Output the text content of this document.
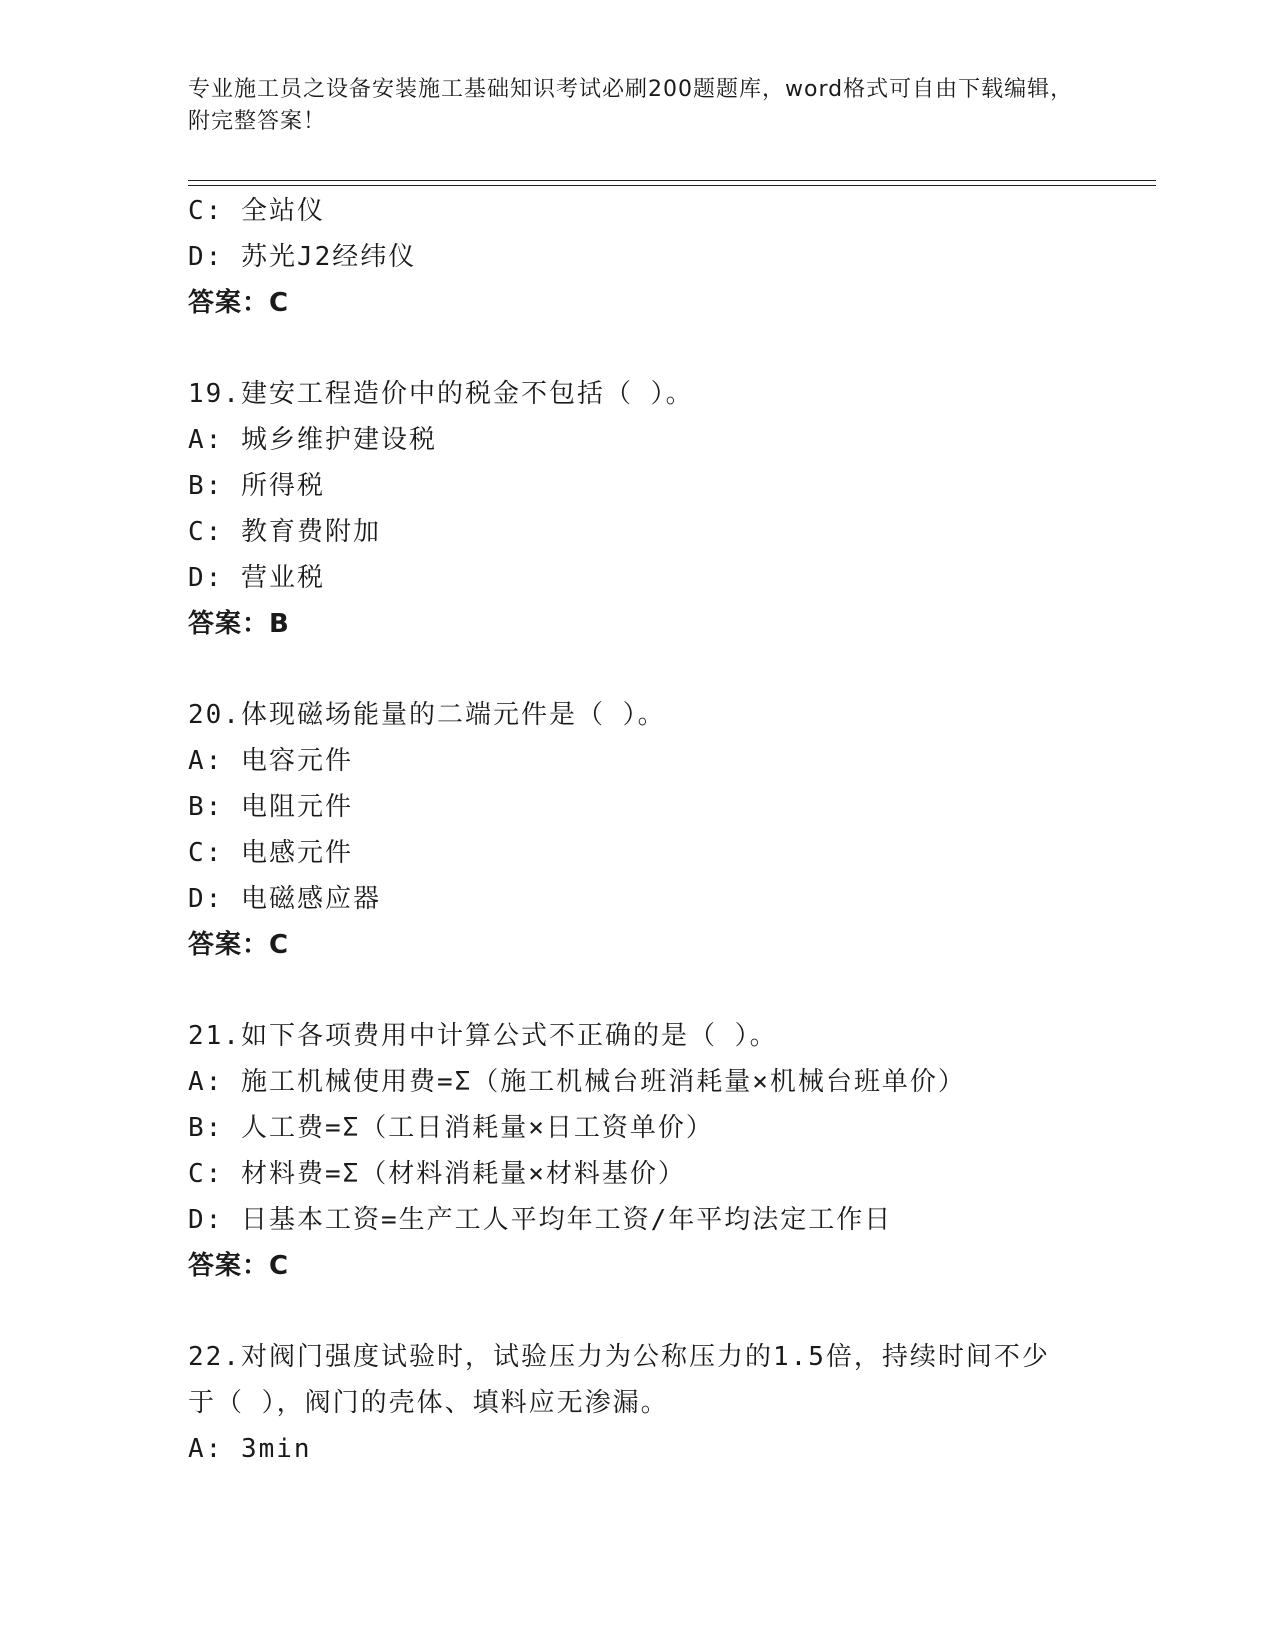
专业施工员之设备安装施工基础知识考试必刷200题题库，word格式可自由下载编辑，附完整答案！
C: 全站仪
D: 苏光J2经纬仪
答案：C
19.建安工程造价中的税金不包括（ ）。
A: 城乡维护建设税
B: 所得税
C: 教育费附加
D: 营业税
答案：B
20.体现磁场能量的二端元件是（ ）。
A: 电容元件
B: 电阻元件
C: 电感元件
D: 电磁感应器
答案：C
21.如下各项费用中计算公式不正确的是（ ）。
A: 施工机械使用费=Σ（施工机械台班消耗量×机械台班单价）
B: 人工费=Σ（工日消耗量×日工资单价）
C: 材料费=Σ（材料消耗量×材料基价）
D: 日基本工资=生产工人平均年工资/年平均法定工作日
答案：C
22.对阀门强度试验时，试验压力为公称压力的1.5倍，持续时间不少于（ ），阀门的壳体、填料应无渗漏。
A: 3min
